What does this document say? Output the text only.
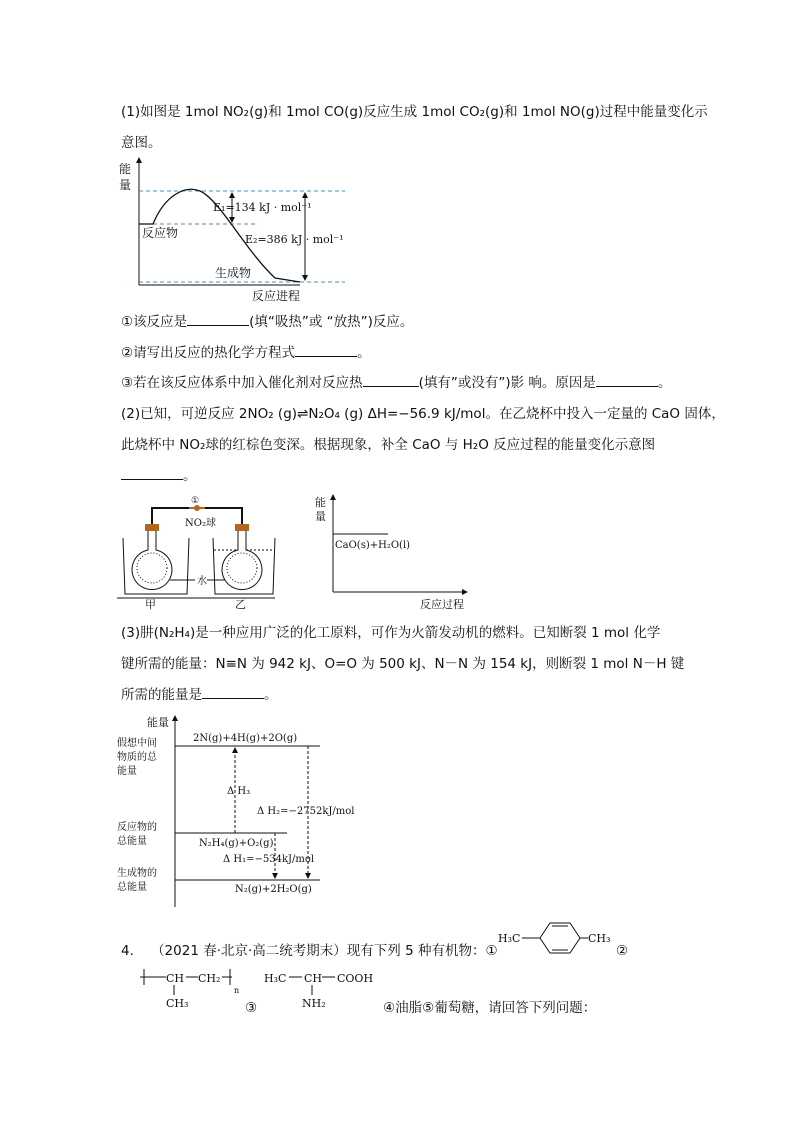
(1)如图是 1mol NO₂(g)和 1mol CO(g)反应生成 1mol CO₂(g)和 1mol NO(g)过程中能量变化示
意图。
能
量
E₁=134 kJ · mol⁻¹
E₂=386 kJ · mol⁻¹
反应物
生成物
反应进程
①该反应是	(填“吸热”或 “放热”)反应。
②请写出反应的热化学方程式	。
③若在该反应体系中加入催化剂对反应热	(填有”或没有”)影 响。原因是	。
(2)已知，可逆反应 2NO₂ (g)⇌N₂O₄ (g) ΔH=−56.9 kJ/mol。在乙烧杯中投入一定量的 CaO 固体，
此烧杯中 NO₂球的红棕色变深。根据现象，补全 CaO 与 H₂O 反应过程的能量变化示意图
。
①
NO₂球
水
甲	乙
能
量
CaO(s)+H₂O(l)
反应过程
(3)肼(N₂H₄)是一种应用广泛的化工原料，可作为火箭发动机的燃料。已知断裂 1 mol 化学
键所需的能量：N≡N 为 942 kJ、O=O 为 500 kJ、N－N 为 154 kJ，则断裂 1 mol N－H 键
所需的能量是	。
能量
假想中间
物质的总
能量
反应物的
总能量
生成物的
总能量
2N(g)+4H(g)+2O(g)
N₂H₄(g)+O₂(g)
N₂(g)+2H₂O(g)
Δ H₃
Δ H₂=−2752kJ/mol
Δ H₁=−534kJ/mol
4. （2021 春·北京·高二统考期末）现有下列 5 种有机物：①
H₃C	CH₃
②
CH CH₂
n
CH₃
H₃C CH COOH
NH₂
③	④油脂⑤葡萄糖，请回答下列问题：
